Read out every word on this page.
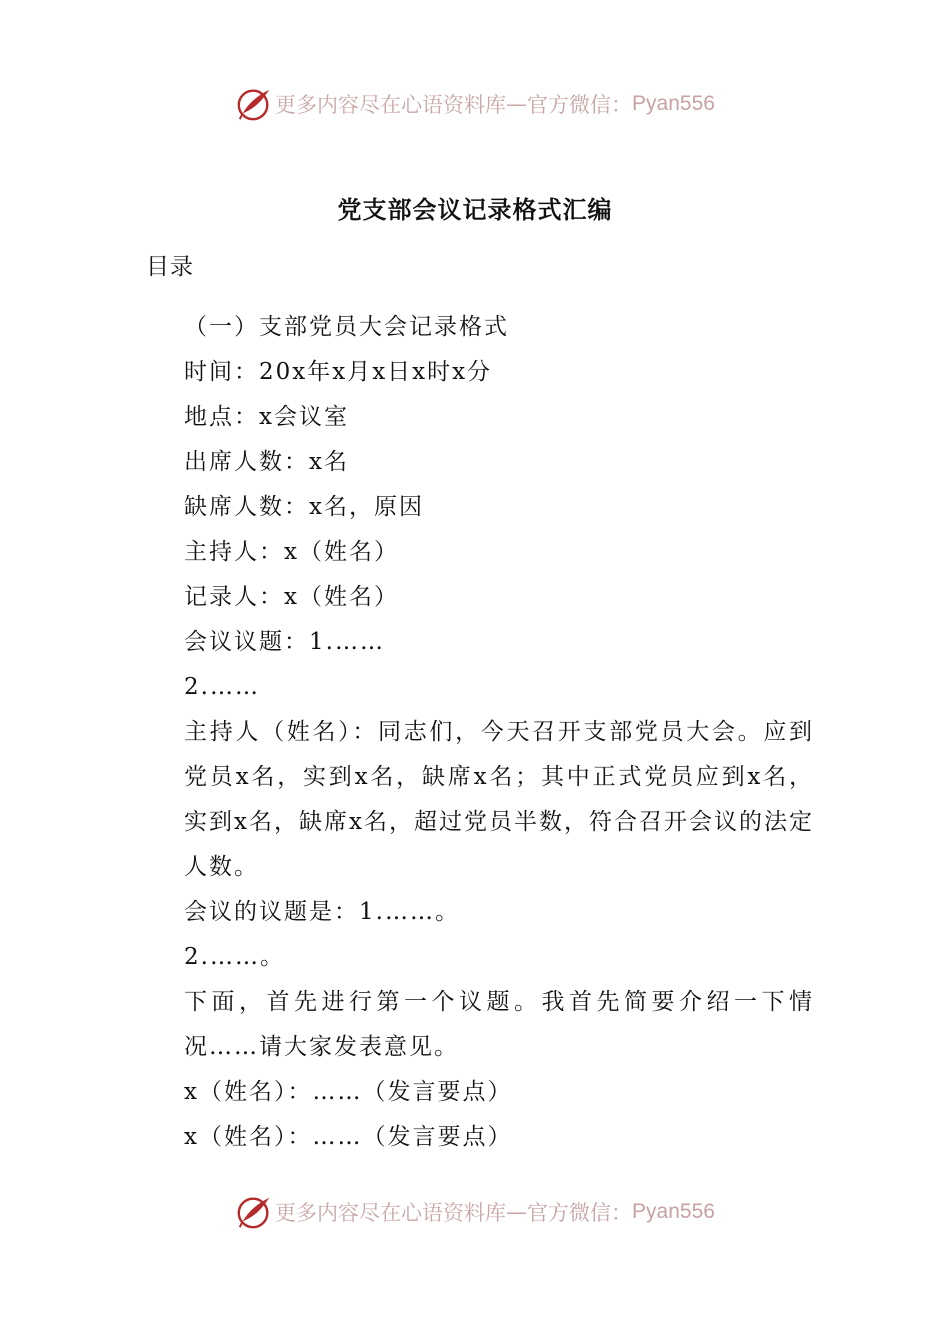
更多内容尽在心语资料库 — 官方微信： Pyan556
党支部会议记录格式汇编
目录

（一）支部党员大会记录格式

时间：20x年x月x日x时x分

地点：x会议室

出席人数：x名

缺席人数：x名，原因

主持人：x（姓名）

记录人：x（姓名）

会议议题：1.……

2.……

主持人（姓名）：同志们，今天召开支部党员大会。应到党员x名，实到x名，缺席x名；其中正式党员应到x名，实到x名，缺席x名，超过党员半数，符合召开会议的法定人数。

会议的议题是：1.……。

2.……。

下面，首先进行第一个议题。我首先简要介绍一下情况……请大家发表意见。

x（姓名）：……（发言要点）

x（姓名）：……（发言要点）

更多内容尽在心语资料库 — 官方微信： Pyan556
